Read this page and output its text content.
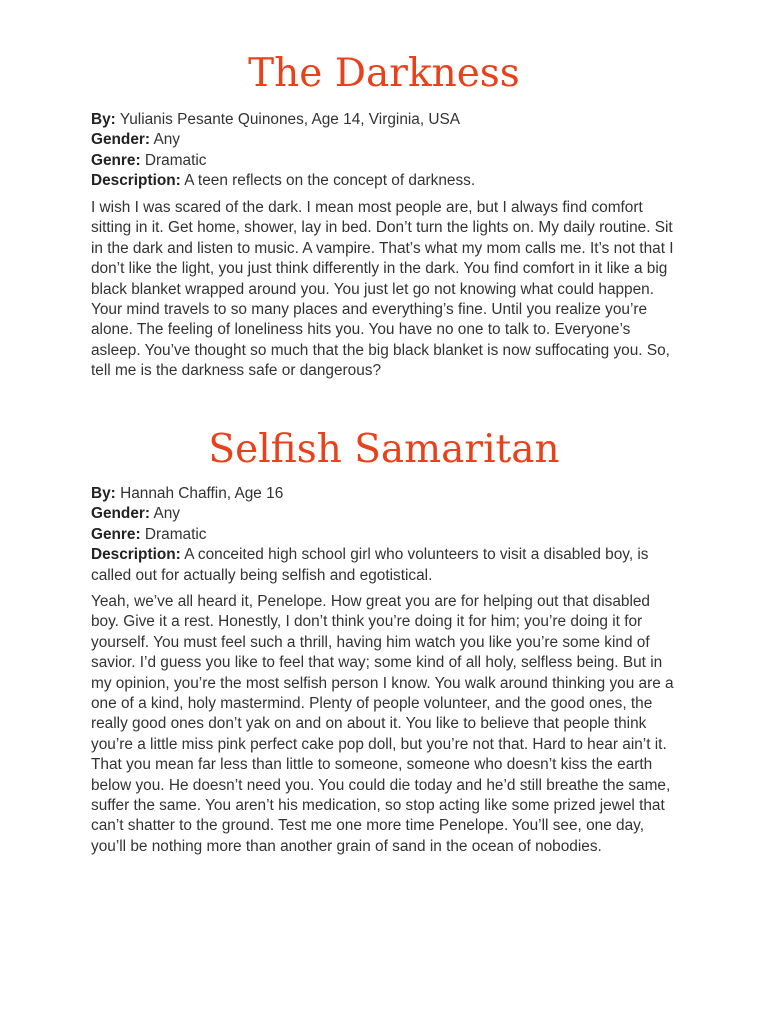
The Darkness
By: Yulianis Pesante Quinones, Age 14, Virginia, USA
Gender: Any
Genre: Dramatic
Description: A teen reflects on the concept of darkness.

I wish I was scared of the dark. I mean most people are, but I always find comfort sitting in it. Get home, shower, lay in bed. Don’t turn the lights on. My daily routine. Sit in the dark and listen to music. A vampire. That’s what my mom calls me. It’s not that I don’t like the light, you just think differently in the dark. You find comfort in it like a big black blanket wrapped around you. You just let go not knowing what could happen. Your mind travels to so many places and everything’s fine. Until you realize you’re alone. The feeling of loneliness hits you. You have no one to talk to. Everyone’s asleep. You’ve thought so much that the big black blanket is now suffocating you. So, tell me is the darkness safe or dangerous?

Selfish Samaritan
By: Hannah Chaffin, Age 16
Gender: Any
Genre: Dramatic
Description: A conceited high school girl who volunteers to visit a disabled boy, is called out for actually being selfish and egotistical.

Yeah, we’ve all heard it, Penelope. How great you are for helping out that disabled boy. Give it a rest. Honestly, I don’t think you’re doing it for him; you’re doing it for yourself. You must feel such a thrill, having him watch you like you’re some kind of savior. I’d guess you like to feel that way; some kind of all holy, selfless being. But in my opinion, you’re the most selfish person I know. You walk around thinking you are a one of a kind, holy mastermind. Plenty of people volunteer, and the good ones, the really good ones don’t yak on and on about it. You like to believe that people think you’re a little miss pink perfect cake pop doll, but you’re not that. Hard to hear ain’t it. That you mean far less than little to someone, someone who doesn’t kiss the earth below you. He doesn’t need you. You could die today and he’d still breathe the same, suffer the same. You aren’t his medication, so stop acting like some prized jewel that can’t shatter to the ground. Test me one more time Penelope. You’ll see, one day, you’ll be nothing more than another grain of sand in the ocean of nobodies.
